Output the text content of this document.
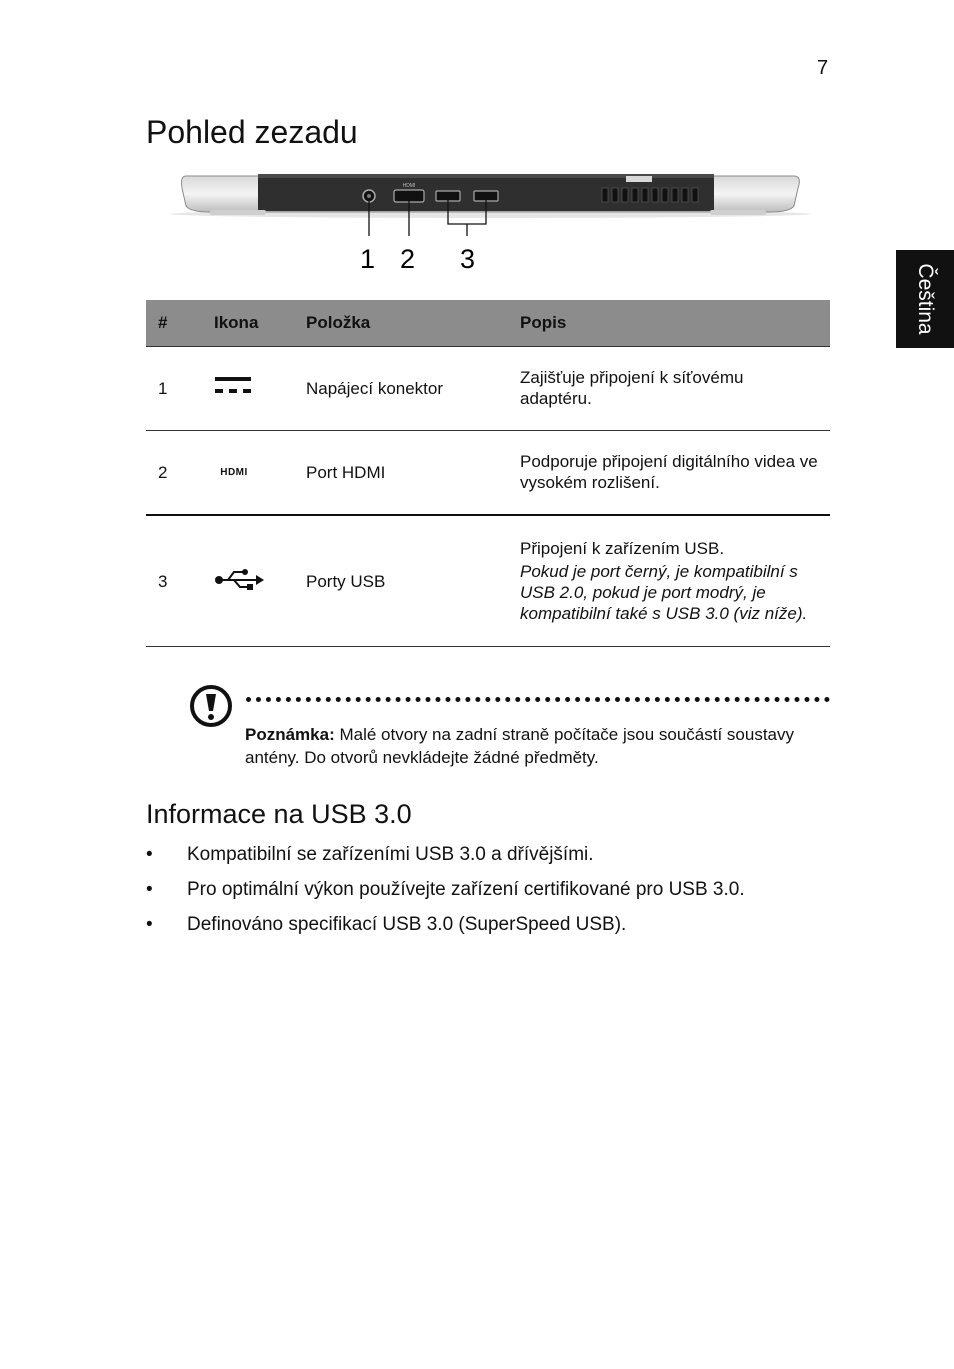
7
Čeština
Pohled zezadu
HDMI
1 2 3
#	Ikona	Položka	Popis
1		Napájecí konektor	Zajišťuje připojení k síťovému adaptéru.

2	HDMI	Port HDMI	Podporuje připojení digitálního videa ve vysokém rozlišení.

3		Porty USB	Připojení k zařízením USB.
Pokud je port černý, je kompatibilní s USB 2.0, pokud je port modrý, je kompatibilní také s USB 3.0 (viz níže).
Poznámka: Malé otvory na zadní straně počítače jsou součástí soustavy antény. Do otvorů nevkládejte žádné předměty.
Informace na USB 3.0
• Kompatibilní se zařízeními USB 3.0 a dřívějšími.
• Pro optimální výkon používejte zařízení certifikované pro USB 3.0.
• Definováno specifikací USB 3.0 (SuperSpeed USB).
